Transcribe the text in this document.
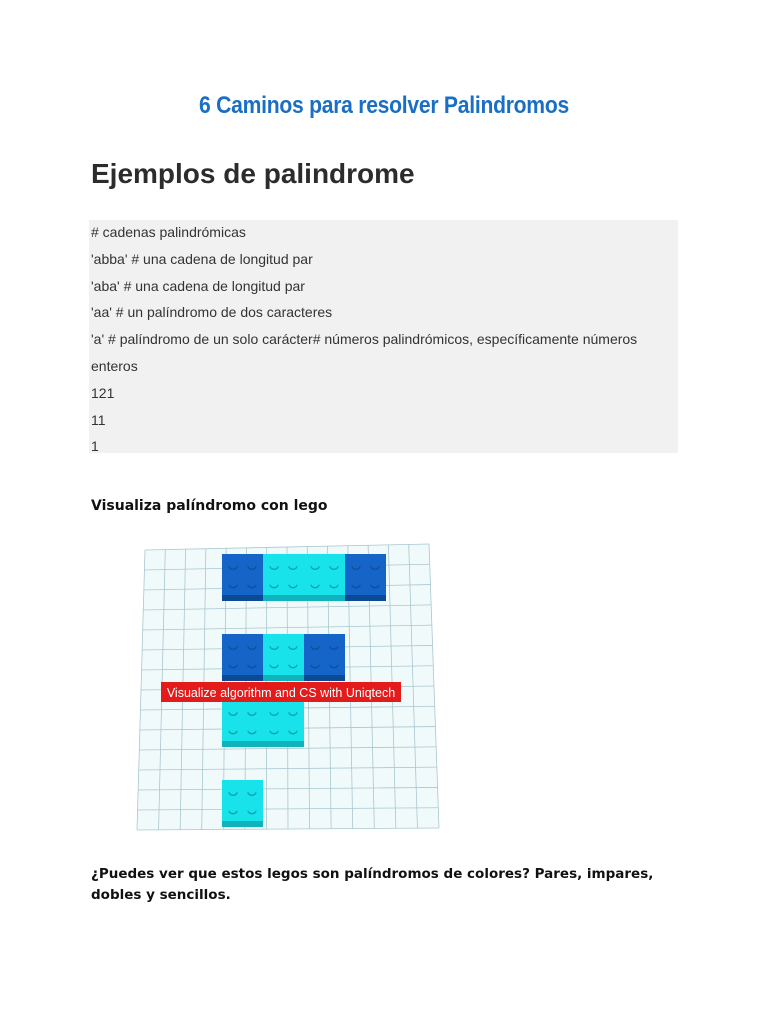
6 Caminos para resolver Palindromos
Ejemplos de palindrome
# cadenas palindrómicas
'abba' # una cadena de longitud par
'aba' # una cadena de longitud par
'aa' # un palíndromo de dos caracteres
'a' # palíndromo de un solo carácter# números palindrómicos, específicamente números
enteros
121
11
1
Visualiza palíndromo con lego
Visualize algorithm and CS with Uniqtech
¿Puedes ver que estos legos son palíndromos de colores? Pares, impares, dobles y sencillos.
